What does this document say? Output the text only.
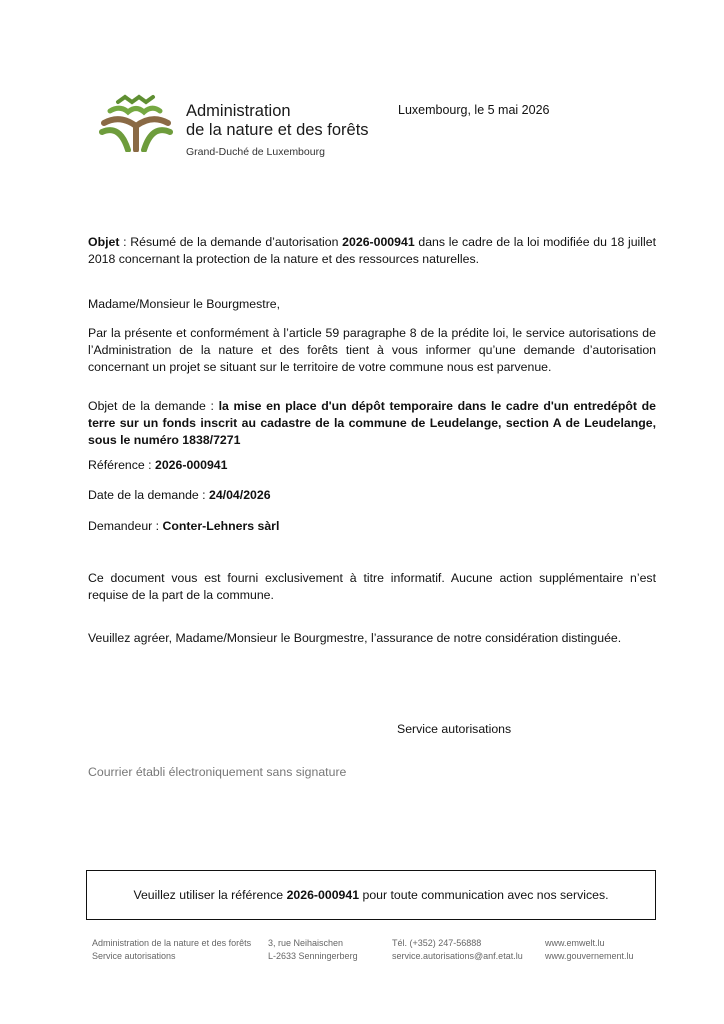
Administration
de la nature et des forêts
Grand-Duché de Luxembourg
Luxembourg, le 5 mai 2026
Objet : Résumé de la demande d’autorisation 2026-000941 dans le cadre de la loi modifiée du 18 juillet 2018 concernant la protection de la nature et des ressources naturelles.
Madame/Monsieur le Bourgmestre,
Par la présente et conformément à l’article 59 paragraphe 8 de la prédite loi, le service autorisations de l’Administration de la nature et des forêts tient à vous informer qu’une demande d’autorisation concernant un projet se situant sur le territoire de votre commune nous est parvenue.
Objet de la demande : la mise en place d'un dépôt temporaire dans le cadre d'un entredépôt de terre sur un fonds inscrit au cadastre de la commune de Leudelange, section A de Leudelange, sous le numéro 1838/7271
Référence : 2026-000941
Date de la demande : 24/04/2026
Demandeur : Conter-Lehners sàrl
Ce document vous est fourni exclusivement à titre informatif. Aucune action supplémentaire n’est requise de la part de la commune.
Veuillez agréer, Madame/Monsieur le Bourgmestre, l’assurance de notre considération distinguée.
Service autorisations
Courrier établi électroniquement sans signature
Veuillez utiliser la référence
2026-000941
pour toute communication avec nos services.
Administration de la nature et des forêts
Service autorisations
3, rue Neihaischen
L-2633 Senningerberg
Tél. (+352) 247-56888
service.autorisations@anf.etat.lu
www.emwelt.lu
www.gouvernement.lu
